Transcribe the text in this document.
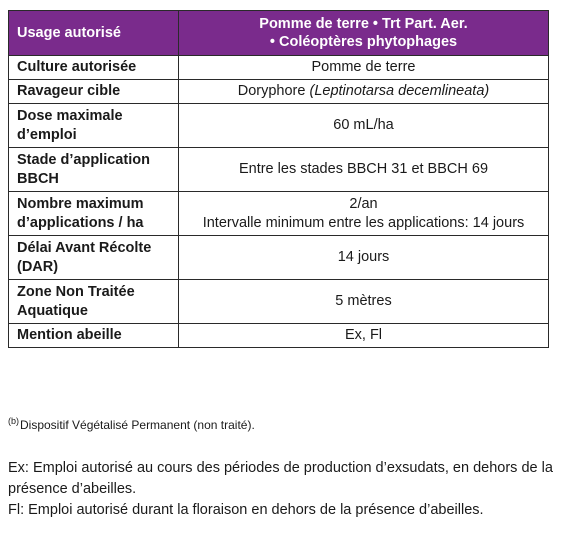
Usage autorisé	Pomme de terre • Trt Part. Aer.
• Coléoptères phytophages

Culture autorisée	Pomme de terre
Ravageur cible	Doryphore (Leptinotarsa decemlineata)
Dose maximale
d’emploi	60 mL/ha
Stade d’application
BBCH	Entre les stades BBCH 31 et BBCH 69
Nombre maximum
d’applications / ha	2/an
Intervalle minimum entre les applications: 14 jours

Délai Avant Récolte
(DAR)	14 jours
Zone Non Traitée
Aquatique	5 mètres
Mention abeille	Ex, Fl
$^{(b)}$Dispositif Végétalisé Permanent (non traité).

Ex: Emploi autorisé au cours des périodes de production d’exsudats, en dehors de la présence d’abeilles.

Fl: Emploi autorisé durant la floraison en dehors de la présence d’abeilles.
